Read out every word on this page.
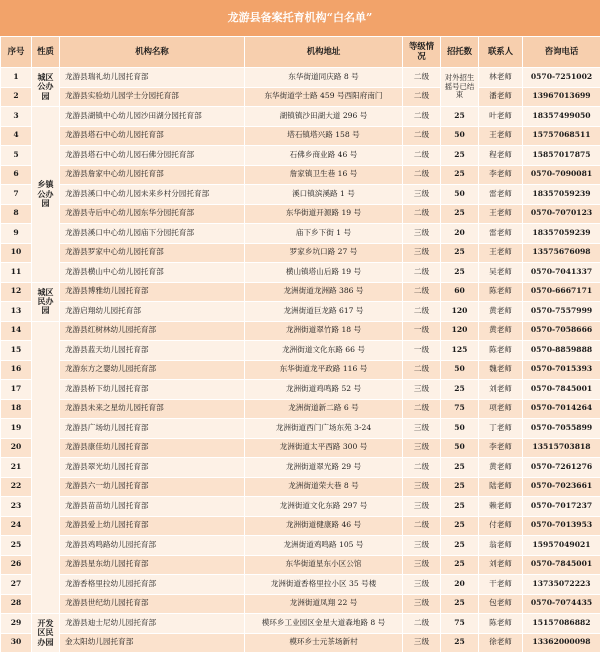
龙游县备案托育机构“白名单”
序号	性质	机构名称	机构地址	等级情况	招托数	联系人	咨询电话
1	城区公办园	龙游县瑞礼幼儿园托育部	东华街道同庆路 8 号	二级	对外招生摇号已结束	林老师	0570-7251002
2		龙游县实验幼儿园学士分园托育部	东华街道学士路 459 号西阳府南门	二级		潘老师	13967013699
3	乡镇公办园	龙游县湖镇中心幼儿园沙田湖分园托育部	湖镇镇沙田湖大道 296 号	二级	25	叶老师	18357499050
4		龙游县塔石中心幼儿园托育部	塔石镇塔兴路 158 号	二级	50	王老师	15757068511
5		龙游县塔石中心幼儿园石佛分园托育部	石佛乡商业路 46 号	二级	25	程老师	15857017875
6		龙游县詹家中心幼儿园托育部	詹家镇卫生巷 16 号	二级	25	李老师	0570-7090081
7		龙游县溪口中心幼儿园未来乡村分园托育部	溪口镇滨溪路 1 号	三级	50	雷老师	18357059239
8		龙游县寺后中心幼儿园东华分园托育部	东华街道开源路 19 号	二级	25	王老师	0570-7070123
9		龙游县溪口中心幼儿园庙下分园托育部	庙下乡下街 1 号	三级	20	雷老师	18357059239
10		龙游县罗家中心幼儿园托育部	罗家乡坑口路 27 号	三级	25	王老师	13575676098
11		龙游县横山中心幼儿园托育部	横山镇塔山后路 19 号	二级	25	吴老师	0570-7041337
12	城区民办园	龙游县博雅幼儿园托育部	龙洲街道龙洲路 386 号	二级	60	陈老师	0570-6667171
13		龙游启翔幼儿园托育部	龙洲街道巨龙路 617 号	二级	120	黄老师	0570-7557999
14		龙游县红树林幼儿园托育部	龙洲街道翠竹路 18 号	一级	120	黄老师	0570-7058666
15		龙游县蓝天幼儿园托育部	龙洲街道文化东路 66 号	一级	125	陈老师	0570-8859888
16		龙游东方之婴幼儿园托育部	东华街道龙平政路 116 号	二级	50	魏老师	0570-7015393
17		龙游县桥下幼儿园托育部	龙洲街道鸡鸣路 52 号	三级	25	刘老师	0570-7845001
18		龙游县未来之星幼儿园托育部	龙洲街道新二路 6 号	二级	75	项老师	0570-7014264
19		龙游县广场幼儿园托育部	龙洲街道西门广场东苑 3-24	三级	50	丁老师	0570-7055899
20		龙游县康佳幼儿园托育部	龙洲街道太平西路 300 号	三级	50	李老师	13515703818
21		龙游县翠光幼儿园托育部	龙洲街道翠光路 29 号	二级	25	黄老师	0570-7261276
22		龙游县六一幼儿园托育部	龙洲街道荣大巷 8 号	三级	25	陆老师	0570-7023661
23		龙游县苗苗幼儿园托育部	龙洲街道文化东路 297 号	三级	25	赖老师	0570-7017237
24		龙游县爱上幼儿园托育部	龙洲街道健康路 46 号	二级	25	付老师	0570-7013953
25		龙游县鸡鸣路幼儿园托育部	龙洲街道鸡鸣路 105 号	三级	25	翁老师	15957049021
26		龙游县星东幼儿园托育部	东华街道星东小区公馆	三级	25	刘老师	0570-7845001
27		龙游香格里拉幼儿园托育部	龙洲街道香格里拉小区 35 号楼	三级	20	干老师	13735072223
28		龙游县世纪幼儿园托育部	龙洲街道凤翔 22 号	三级	25	包老师	0570-7074435
29	开发区民办园	龙游县迪士尼幼儿园托育部	模环乡工业园区金星大道森地路 8 号	二级	75	陈老师	15157086882
30		金太阳幼儿园托育部	模环乡士元茶场新村	三级	25	徐老师	13362000098
